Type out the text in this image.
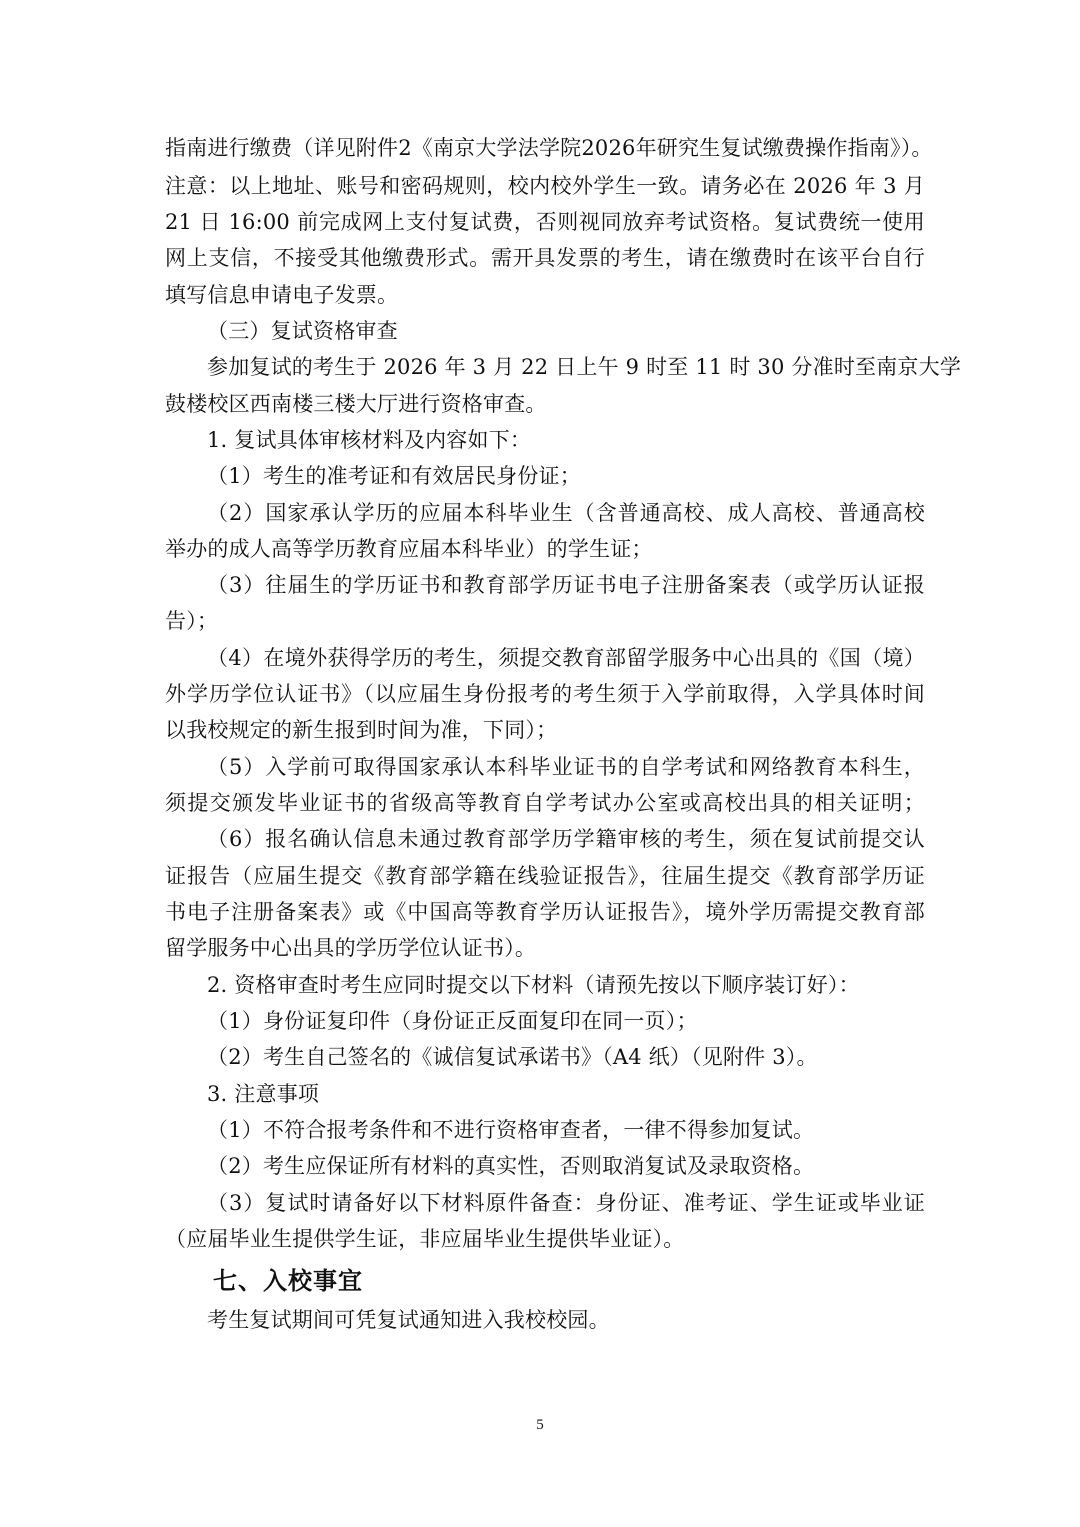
指南进行缴费（详见附件2《南京大学法学院2026年研究生复试缴费操作指南》）。
注意：以上地址、账号和密码规则，校内校外学生一致。请务必在 2026 年 3 月
21 日 16:00 前完成网上支付复试费，否则视同放弃考试资格。复试费统一使用
网上支信，不接受其他缴费形式。需开具发票的考生，请在缴费时在该平台自行
填写信息申请电子发票。
（三）复试资格审查
参加复试的考生于 2026 年 3 月 22 日上午 9 时至 11 时 30 分准时至南京大学
鼓楼校区西南楼三楼大厅进行资格审查。
1. 复试具体审核材料及内容如下：
（1）考生的准考证和有效居民身份证；
（2）国家承认学历的应届本科毕业生（含普通高校、成人高校、普通高校
举办的成人高等学历教育应届本科毕业）的学生证；
（3）往届生的学历证书和教育部学历证书电子注册备案表（或学历认证报
告）；
（4）在境外获得学历的考生，须提交教育部留学服务中心出具的《国（境）
外学历学位认证书》（以应届生身份报考的考生须于入学前取得，入学具体时间
以我校规定的新生报到时间为准，下同）；
（5）入学前可取得国家承认本科毕业证书的自学考试和网络教育本科生，
须提交颁发毕业证书的省级高等教育自学考试办公室或高校出具的相关证明；
（6）报名确认信息未通过教育部学历学籍审核的考生，须在复试前提交认
证报告（应届生提交《教育部学籍在线验证报告》，往届生提交《教育部学历证
书电子注册备案表》或《中国高等教育学历认证报告》，境外学历需提交教育部
留学服务中心出具的学历学位认证书）。
2. 资格审查时考生应同时提交以下材料（请预先按以下顺序装订好）：
（1）身份证复印件（身份证正反面复印在同一页）；
（2）考生自己签名的《诚信复试承诺书》（A4 纸）（见附件 3）。
3. 注意事项
（1）不符合报考条件和不进行资格审查者，一律不得参加复试。
（2）考生应保证所有材料的真实性，否则取消复试及录取资格。
（3）复试时请备好以下材料原件备查：身份证、准考证、学生证或毕业证
（应届毕业生提供学生证，非应届毕业生提供毕业证）。
七、入校事宜
考生复试期间可凭复试通知进入我校校园。
5
